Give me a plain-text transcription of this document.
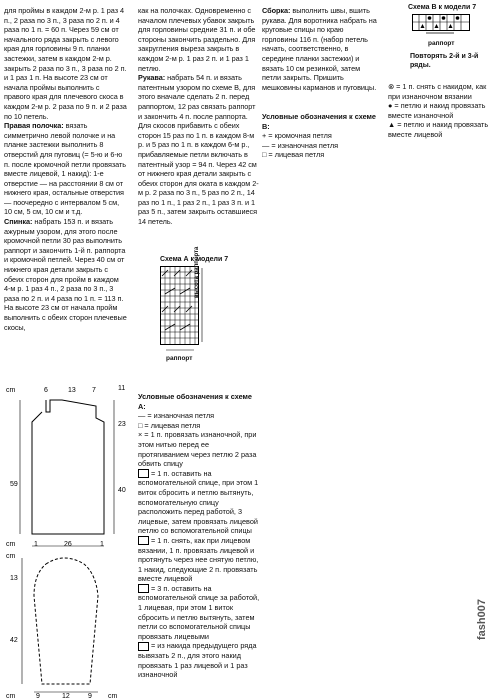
для проймы в каждом 2-м р. 1 раз 4 п., 2 раза по 3 п., 3 раза по 2 п. и 4 раза по 1 п. = 60 п. Через 59 см от начального ряда закрыть с левого края для горловины 9 п. планки застежки, затем в каждом 2-м р. закрыть 2 раза по 3 п., 3 раза по 2 п. и 1 раз 1 п. На высоте 23 см от начала проймы выполнить с правого края для плечевого скоса в каждом 2-м р. 2 раза по 9 п. и 2 раза по 10 петель.

Правая полочка: вязать симметрично левой полочке и на планке застежки выполнить 8 отверстий для пуговиц (= 5-ю и 6-ю п. после кромочной петли провязать вместе лицевой, 1 накид): 1-е отверстие — на расстоянии 8 см от нижнего края, остальные отверстия — поочередно с интервалом 5 см, 10 см, 5 см, 10 см и т.д.

Спинка: набрать 153 п. и вязать ажурным узором, для этого после кромочной петли 30 раз выполнить раппорт и закончить 1-й п. раппорта и кромочной петлей. Через 40 см от нижнего края детали закрыть с обеих сторон для пройм в каждом 4-м р. 1 раз 4 п., 2 раза по 3 п., 3 раза по 2 п. и 4 раза по 1 п. = 113 п. На высоте 23 см от начала пройм выполнить с обеих сторон плечевые скосы,

как на полочках. Одновременно с началом плечевых убавок закрыть для горловины средние 31 п. и обе стороны закончить раздельно. Для закругления выреза закрыть в каждом 2-м р. 1 раз 2 п. и 1 раз 1 петлю.

Рукава: набрать 54 п. и вязать патентным узором по схеме В, для этого вначале сделать 2 п. перед раппортом, 12 раз связать раппорт и закончить 4 п. после раппорта. Для скосов прибавить с обеих сторон 15 раз по 1 п. в каждом 8-м р. и 5 раз по 1 п. в каждом 6-м р., прибавляемые петли включать в патентный узор = 94 п. Через 42 см от нижнего края детали закрыть с обеих сторон для оката в каждом 2-м р. 2 раза по 3 п., 5 раз по 2 п., 14 раз по 1 п., 1 раз 2 п., 1 раз 3 п. и 1 раз 5 п., затем закрыть оставшиеся 14 петель.

Сборка: выполнить швы, вшить рукава. Для воротника набрать на круговые спицы по краю горловины 116 п. (набор петель начать, соответственно, в середине планки застежки) и вязать 10 см резинкой, затем петли закрыть. Пришить мешковины карманов и пуговицы.

Условные обозначения к схеме В:
+ = кромочная петля
— = изнаночная петля
□ = лицевая петля
Схема В к модели 7
раппорт
Повторять 2-й и 3-й ряды.
⊗ = 1 п. снять с накидом, как при изнаночном вязании
● = петлю и накид провязать вместе изнаночной
▲ = петлю и накид провязать вместе лицевой
Схема А к модели 7
высота раппорта
раппорт
Условные обозначения к схеме А:
— = изнаночная петля
□ = лицевая петля
× = 1 п. провязать изнаночной, при этом нитью перед ее протягиванием через петлю 2 раза обвить спицу
= 1 п. оставить на вспомогательной спице, при этом 1 виток сбросить и петлю вытянуть, вспомогательную спицу расположить перед работой, 3 лицевые, затем провязать лицевой петлю со вспомогательной спицы
= 1 п. снять, как при лицевом вязании, 1 п. провязать лицевой и протянуть через нее снятую петлю, 1 накид, следующие 2 п. провязать вместе лицевой
= 3 п. оставить на вспомогательной спице за работой, 1 лицевая, при этом 1 виток сбросить и петлю вытянуть, затем петли со вспомогательной спицы провязать лицевыми
= из накида предыдущего ряда вывязать 2 п., для этого накид провязать 1 раз лицевой и 1 раз изнаночной
cm	6	13 7	11
23
59
40
cm	1	26	1
cm
13
42
cm	9	12	9 cm
fash007
